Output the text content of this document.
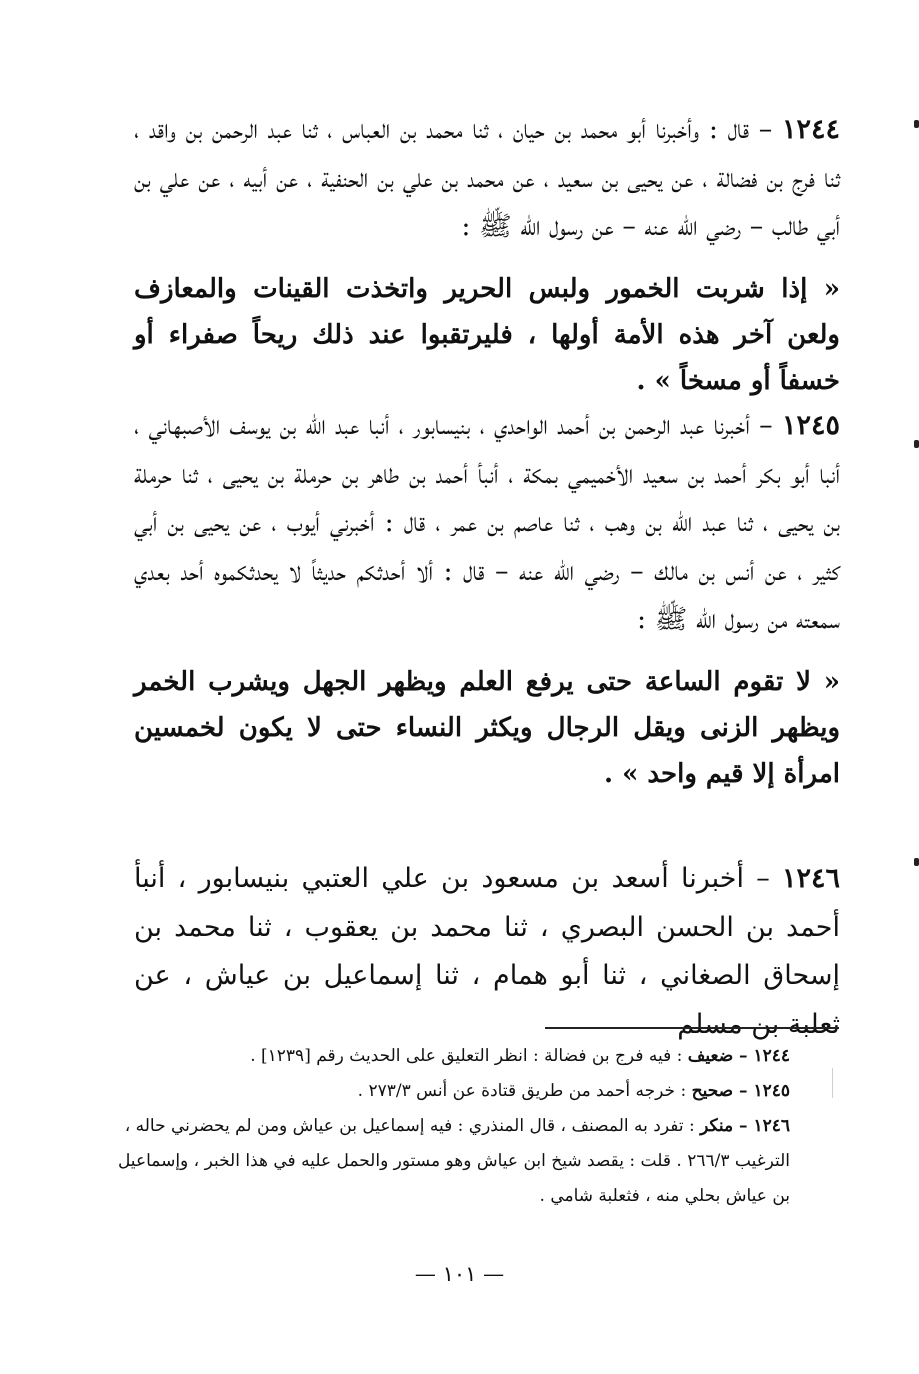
١٢٤٤ – قال : وأخبرنا أبو محمد بن حيان ، ثنا محمد بن العباس ، ثنا عبد الرحمن بن واقد ، ثنا فرج بن فضالة ، عن يحيى بن سعيد ، عن محمد بن علي بن الحنفية ، عن أبيه ، عن علي بن أبي طالب – رضي الله عنه – عن رسول الله ﷺ :

« إذا شربت الخمور ولبس الحرير واتخذت القينات والمعازف ولعن آخر هذه الأمة أولها ، فليرتقبوا عند ذلك ريحاً صفراء أو خسفاً أو مسخاً » .

١٢٤٥ – أخبرنا عبد الرحمن بن أحمد الواحدي ، بنيسابور ، أنبا عبد الله بن يوسف الأصبهاني ، أنبا أبو بكر أحمد بن سعيد الأخميمي بمكة ، أنبأ أحمد بن طاهر بن حرملة بن يحيى ، ثنا حرملة بن يحيى ، ثنا عبد الله بن وهب ، ثنا عاصم بن عمر ، قال : أخبرني أيوب ، عن يحيى بن أبي كثير ، عن أنس بن مالك – رضي الله عنه – قال : ألا أحدثكم حديثاً لا يحدثكموه أحد بعدي سمعته من رسول الله ﷺ :

« لا تقوم الساعة حتى يرفع العلم ويظهر الجهل ويشرب الخمر ويظهر الزنى ويقل الرجال ويكثر النساء حتى لا يكون لخمسين امرأة إلا قيم واحد » .

١٢٤٦ – أخبرنا أسعد بن مسعود بن علي العتبي بنيسابور ، أنبأ أحمد بن الحسن البصري ، ثنا محمد بن يعقوب ، ثنا محمد بن إسحاق الصغاني ، ثنا أبو همام ، ثنا إسماعيل بن عياش ، عن ثعلبة بن مسلم

١٢٤٤ – ضعيف : فيه فرج بن فضالة : انظر التعليق على الحديث رقم [١٢٣٩] .

١٢٤٥ – صحيح : خرجه أحمد من طريق قتادة عن أنس ٢٧٣/٣ .

١٢٤٦ – منكر : تفرد به المصنف ، قال المنذري : فيه إسماعيل بن عياش ومن لم يحضرني حاله ، الترغيب ٢٦٦/٣ . قلت : يقصد شيخ ابن عياش وهو مستور والحمل عليه في هذا الخبر ، وإسماعيل بن عياش بحلي منه ، فثعلبة شامي .

— ١٠١ —
